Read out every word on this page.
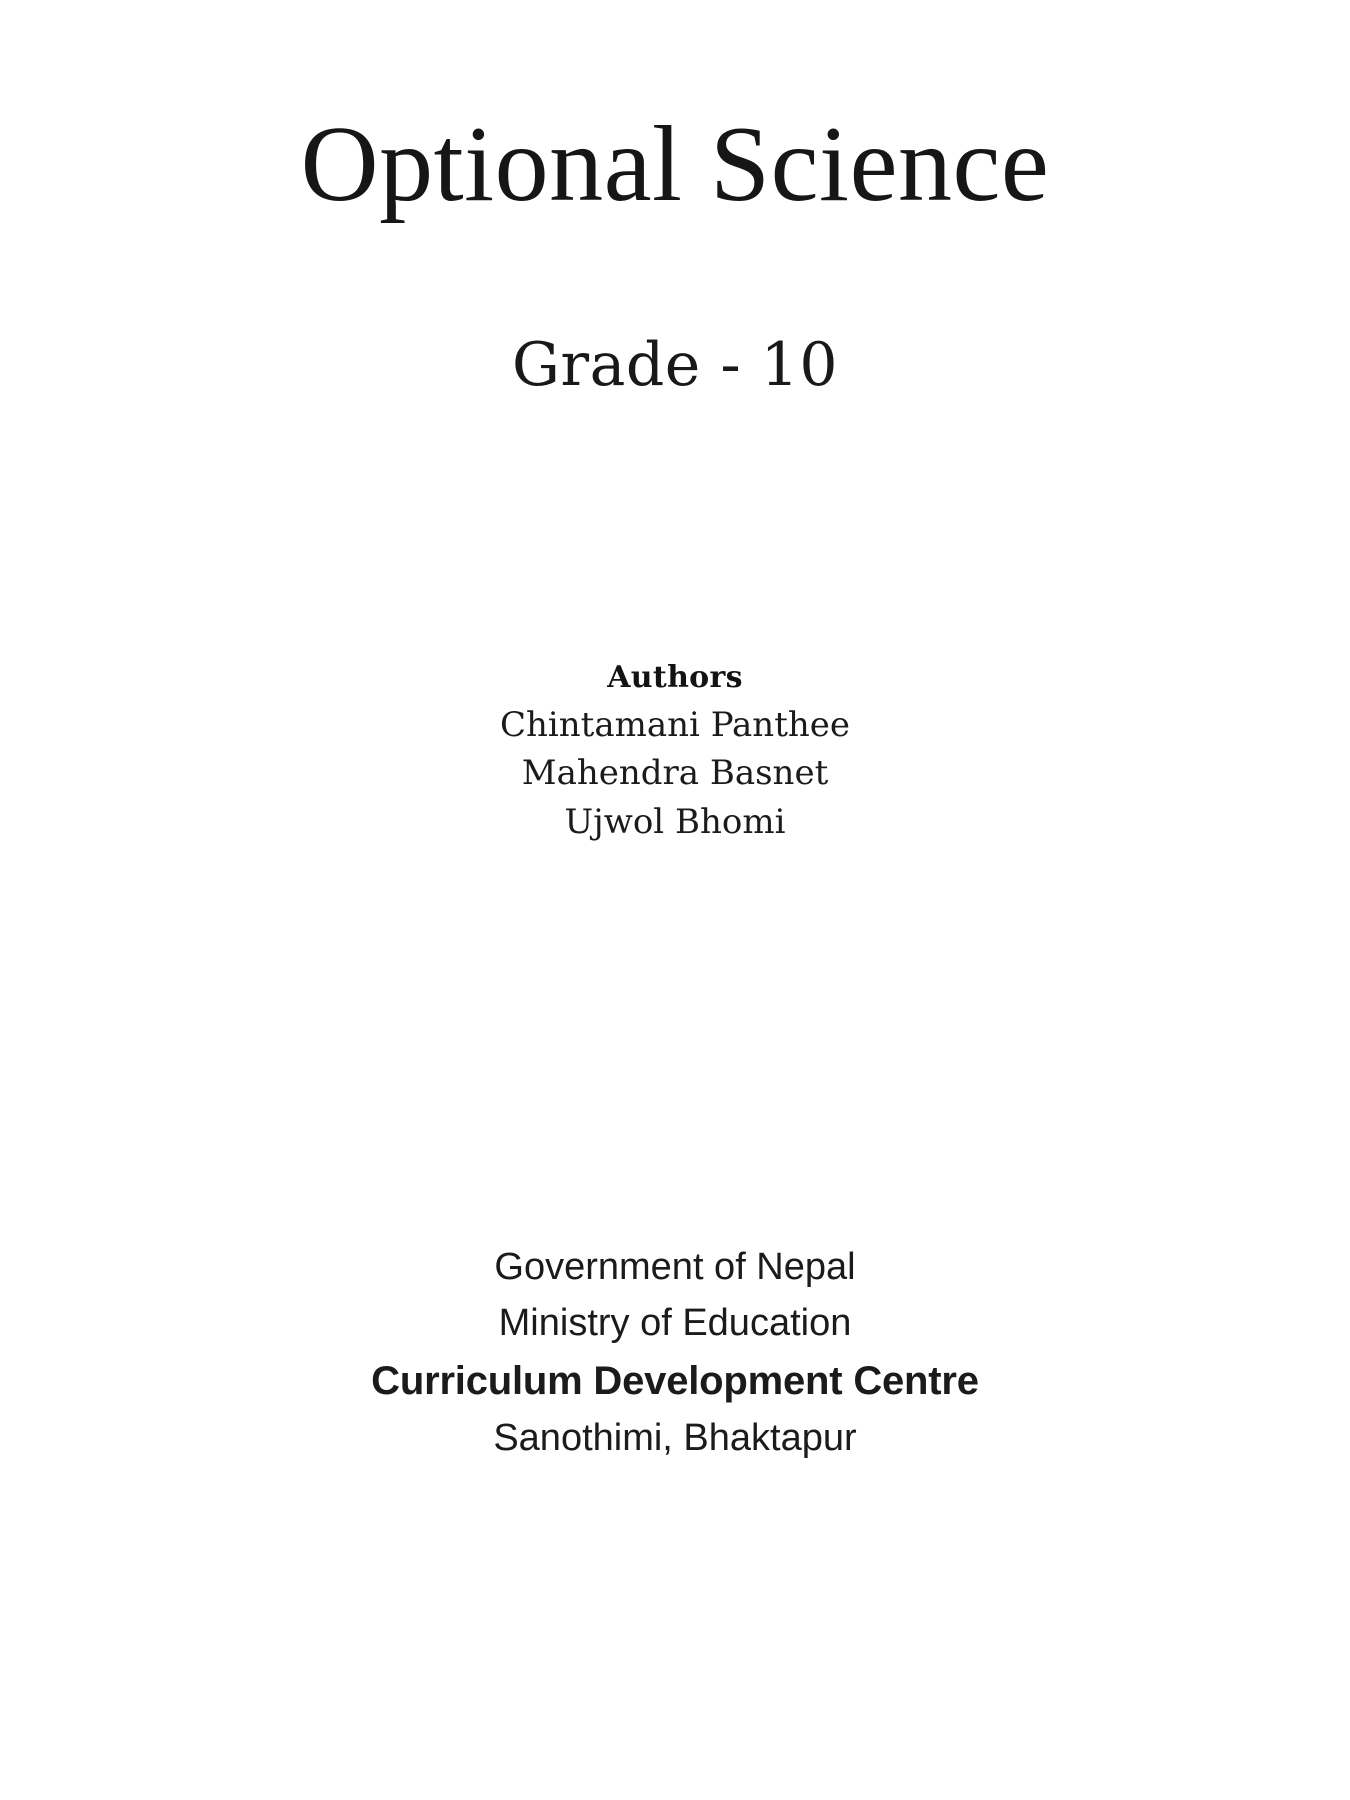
Optional Science
Grade - 10
Authors
Chintamani Panthee
Mahendra Basnet
Ujwol Bhomi
Government of Nepal
Ministry of Education
Curriculum Development Centre
Sanothimi, Bhaktapur
